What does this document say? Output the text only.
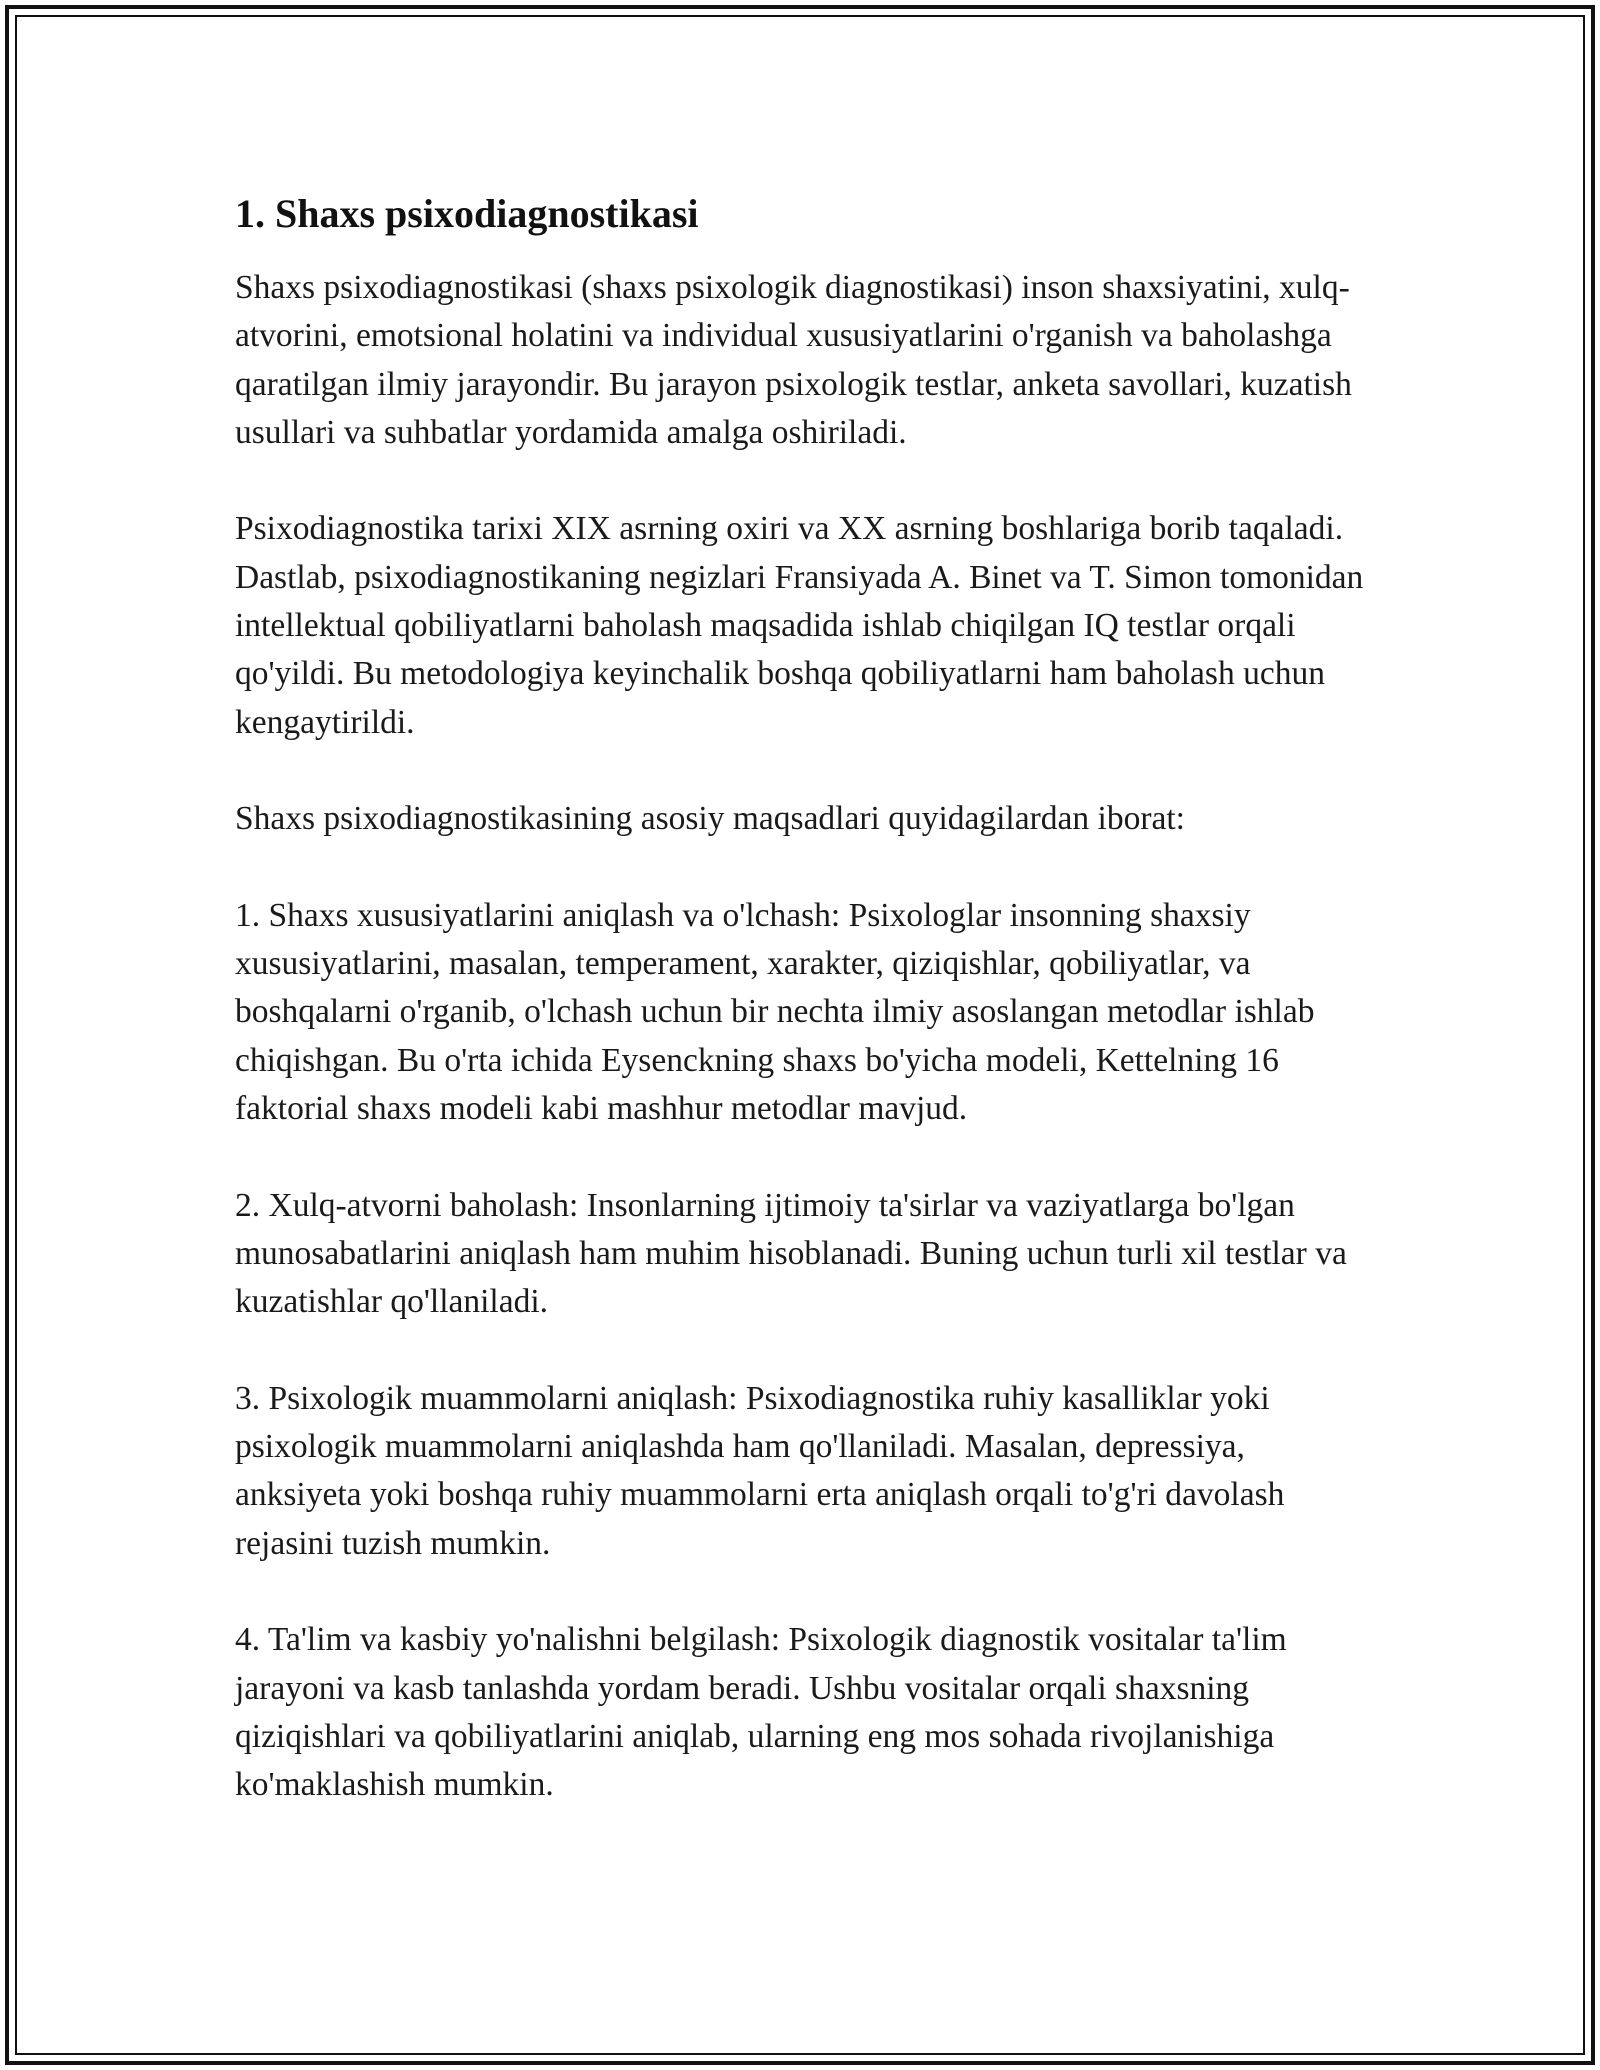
1. Shaxs psixodiagnostikasi

Shaxs psixodiagnostikasi (shaxs psixologik diagnostikasi) inson shaxsiyatini, xulq-atvorini, emotsional holatini va individual xususiyatlarini o'rganish va baholashga qaratilgan ilmiy jarayondir. Bu jarayon psixologik testlar, anketa savollari, kuzatish usullari va suhbatlar yordamida amalga oshiriladi.

Psixodiagnostika tarixi XIX asrning oxiri va XX asrning boshlariga borib taqaladi. Dastlab, psixodiagnostikaning negizlari Fransiyada A. Binet va T. Simon tomonidan intellektual qobiliyatlarni baholash maqsadida ishlab chiqilgan IQ testlar orqali qo'yildi. Bu metodologiya keyinchalik boshqa qobiliyatlarni ham baholash uchun kengaytirildi.

Shaxs psixodiagnostikasining asosiy maqsadlari quyidagilardan iborat:

1. Shaxs xususiyatlarini aniqlash va o'lchash: Psixologlar insonning shaxsiy xususiyatlarini, masalan, temperament, xarakter, qiziqishlar, qobiliyatlar, va boshqalarni o'rganib, o'lchash uchun bir nechta ilmiy asoslangan metodlar ishlab chiqishgan. Bu o'rta ichida Eysenckning shaxs bo'yicha modeli, Kettelning 16 faktorial shaxs modeli kabi mashhur metodlar mavjud.

2. Xulq-atvorni baholash: Insonlarning ijtimoiy ta'sirlar va vaziyatlarga bo'lgan munosabatlarini aniqlash ham muhim hisoblanadi. Buning uchun turli xil testlar va kuzatishlar qo'llaniladi.

3. Psixologik muammolarni aniqlash: Psixodiagnostika ruhiy kasalliklar yoki psixologik muammolarni aniqlashda ham qo'llaniladi. Masalan, depressiya, anksiyeta yoki boshqa ruhiy muammolarni erta aniqlash orqali to'g'ri davolash rejasini tuzish mumkin.

4. Ta'lim va kasbiy yo'nalishni belgilash: Psixologik diagnostik vositalar ta'lim jarayoni va kasb tanlashda yordam beradi. Ushbu vositalar orqali shaxsning qiziqishlari va qobiliyatlarini aniqlab, ularning eng mos sohada rivojlanishiga ko'maklashish mumkin.
